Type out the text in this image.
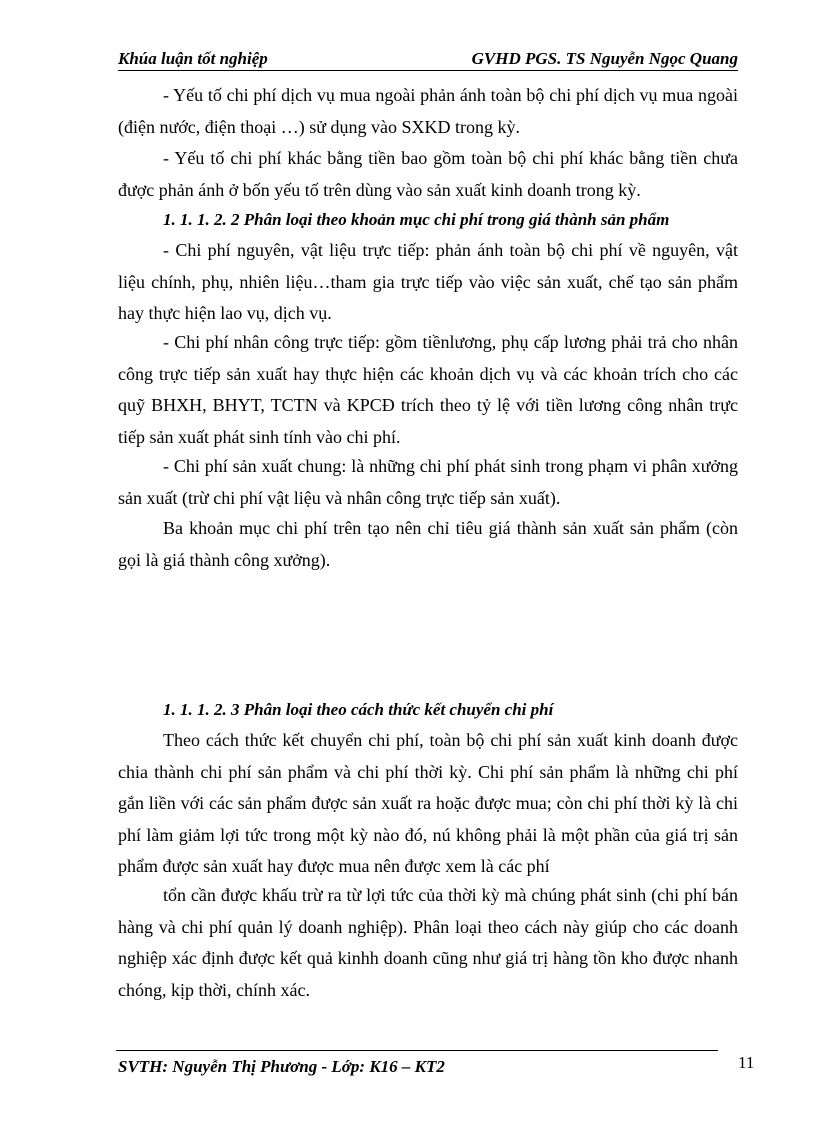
Khúa luận tốt nghiệp	GVHD PGS. TS Nguyễn Ngọc Quang

- Yếu tố chi phí dịch vụ mua ngoài phản ánh toàn bộ chi phí dịch vụ mua ngoài (điện nước, điện thoại …) sử dụng vào SXKD trong kỳ.

- Yếu tố chi phí khác bằng tiền bao gồm toàn bộ chi phí khác bằng tiền chưa được phản ánh ở bốn yếu tố trên dùng vào sản xuất kinh doanh trong kỳ.

1. 1. 1. 2. 2 Phân loại theo khoản mục chi phí trong giá thành sản phẩm

- Chi phí nguyên, vật liệu trực tiếp: phản ánh toàn bộ chi phí về nguyên, vật liệu chính, phụ, nhiên liệu…tham gia trực tiếp vào việc sản xuất, chế tạo sản phẩm hay thực hiện lao vụ, dịch vụ.

- Chi phí nhân công trực tiếp: gồm tiềnlương, phụ cấp lương phải trả cho nhân công trực tiếp sản xuất hay thực hiện các khoản dịch vụ và các khoản trích cho các quỹ BHXH, BHYT, TCTN và KPCĐ trích theo tỷ lệ với tiền lương công nhân trực tiếp sản xuất phát sinh tính vào chi phí.

- Chi phí sản xuất chung: là những chi phí phát sinh trong phạm vi phân xưởng sản xuất (trừ chi phí vật liệu và nhân công trực tiếp sản xuất).

Ba khoản mục chi phí trên tạo nên chỉ tiêu giá thành sản xuất sản phẩm (còn gọi là giá thành công xưởng).

1. 1. 1. 2. 3 Phân loại theo cách thức kết chuyển chi phí

Theo cách thức kết chuyển chi phí, toàn bộ chi phí sản xuất kinh doanh được chia thành chi phí sản phẩm và chi phí thời kỳ. Chi phí sản phẩm là những chi phí gắn liền với các sản phẩm được sản xuất ra hoặc được mua; còn chi phí thời kỳ là chi phí làm giảm lợi tức trong một kỳ nào đó, nú không phải là một phần của giá trị sản phẩm được sản xuất hay được mua nên được xem là các phí

tổn cần được khấu trừ ra từ lợi tức của thời kỳ mà chúng phát sinh (chi phí bán hàng và chi phí quản lý doanh nghiệp). Phân loại theo cách này giúp cho các doanh nghiệp xác định được kết quả kinhh doanh cũng như giá trị hàng tồn kho được nhanh chóng, kịp thời, chính xác.

SVTH: Nguyễn Thị Phương - Lớp: K16 – KT2	11
